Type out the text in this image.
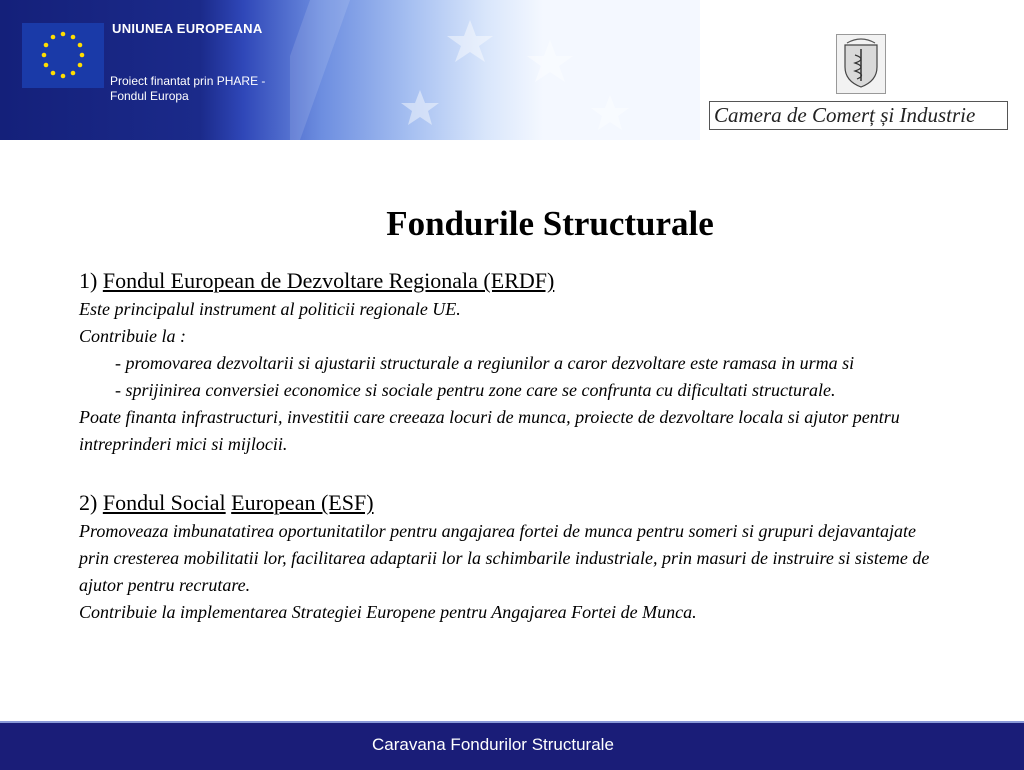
UNIUNEA EUROPEANA
Proiect finantat prin PHARE - Fondul Europa
Camera de Comerț și Industrie
Fondurile Structurale

1) Fondul European de Dezvoltare Regionala (ERDF)

Este principalul instrument al politicii regionale UE.

Contribuie la :

- promovarea dezvoltarii si ajustarii structurale a regiunilor a caror dezvoltare este ramasa in urma si

- sprijinirea conversiei economice si sociale pentru zone care se confrunta cu dificultati structurale.

Poate finanta infrastructuri, investitii care creeaza locuri de munca, proiecte de dezvoltare locala si ajutor pentru intreprinderi mici si mijlocii.

2) Fondul Social European (ESF)

Promoveaza imbunatatirea oportunitatilor pentru angajarea fortei de munca pentru someri si grupuri dejavantajate prin cresterea mobilitatii lor, facilitarea adaptarii lor la schimbarile industriale, prin masuri de instruire si sisteme de ajutor pentru recrutare.

Contribuie la implementarea Strategiei Europene pentru Angajarea Fortei de Munca.

Caravana Fondurilor Structurale
